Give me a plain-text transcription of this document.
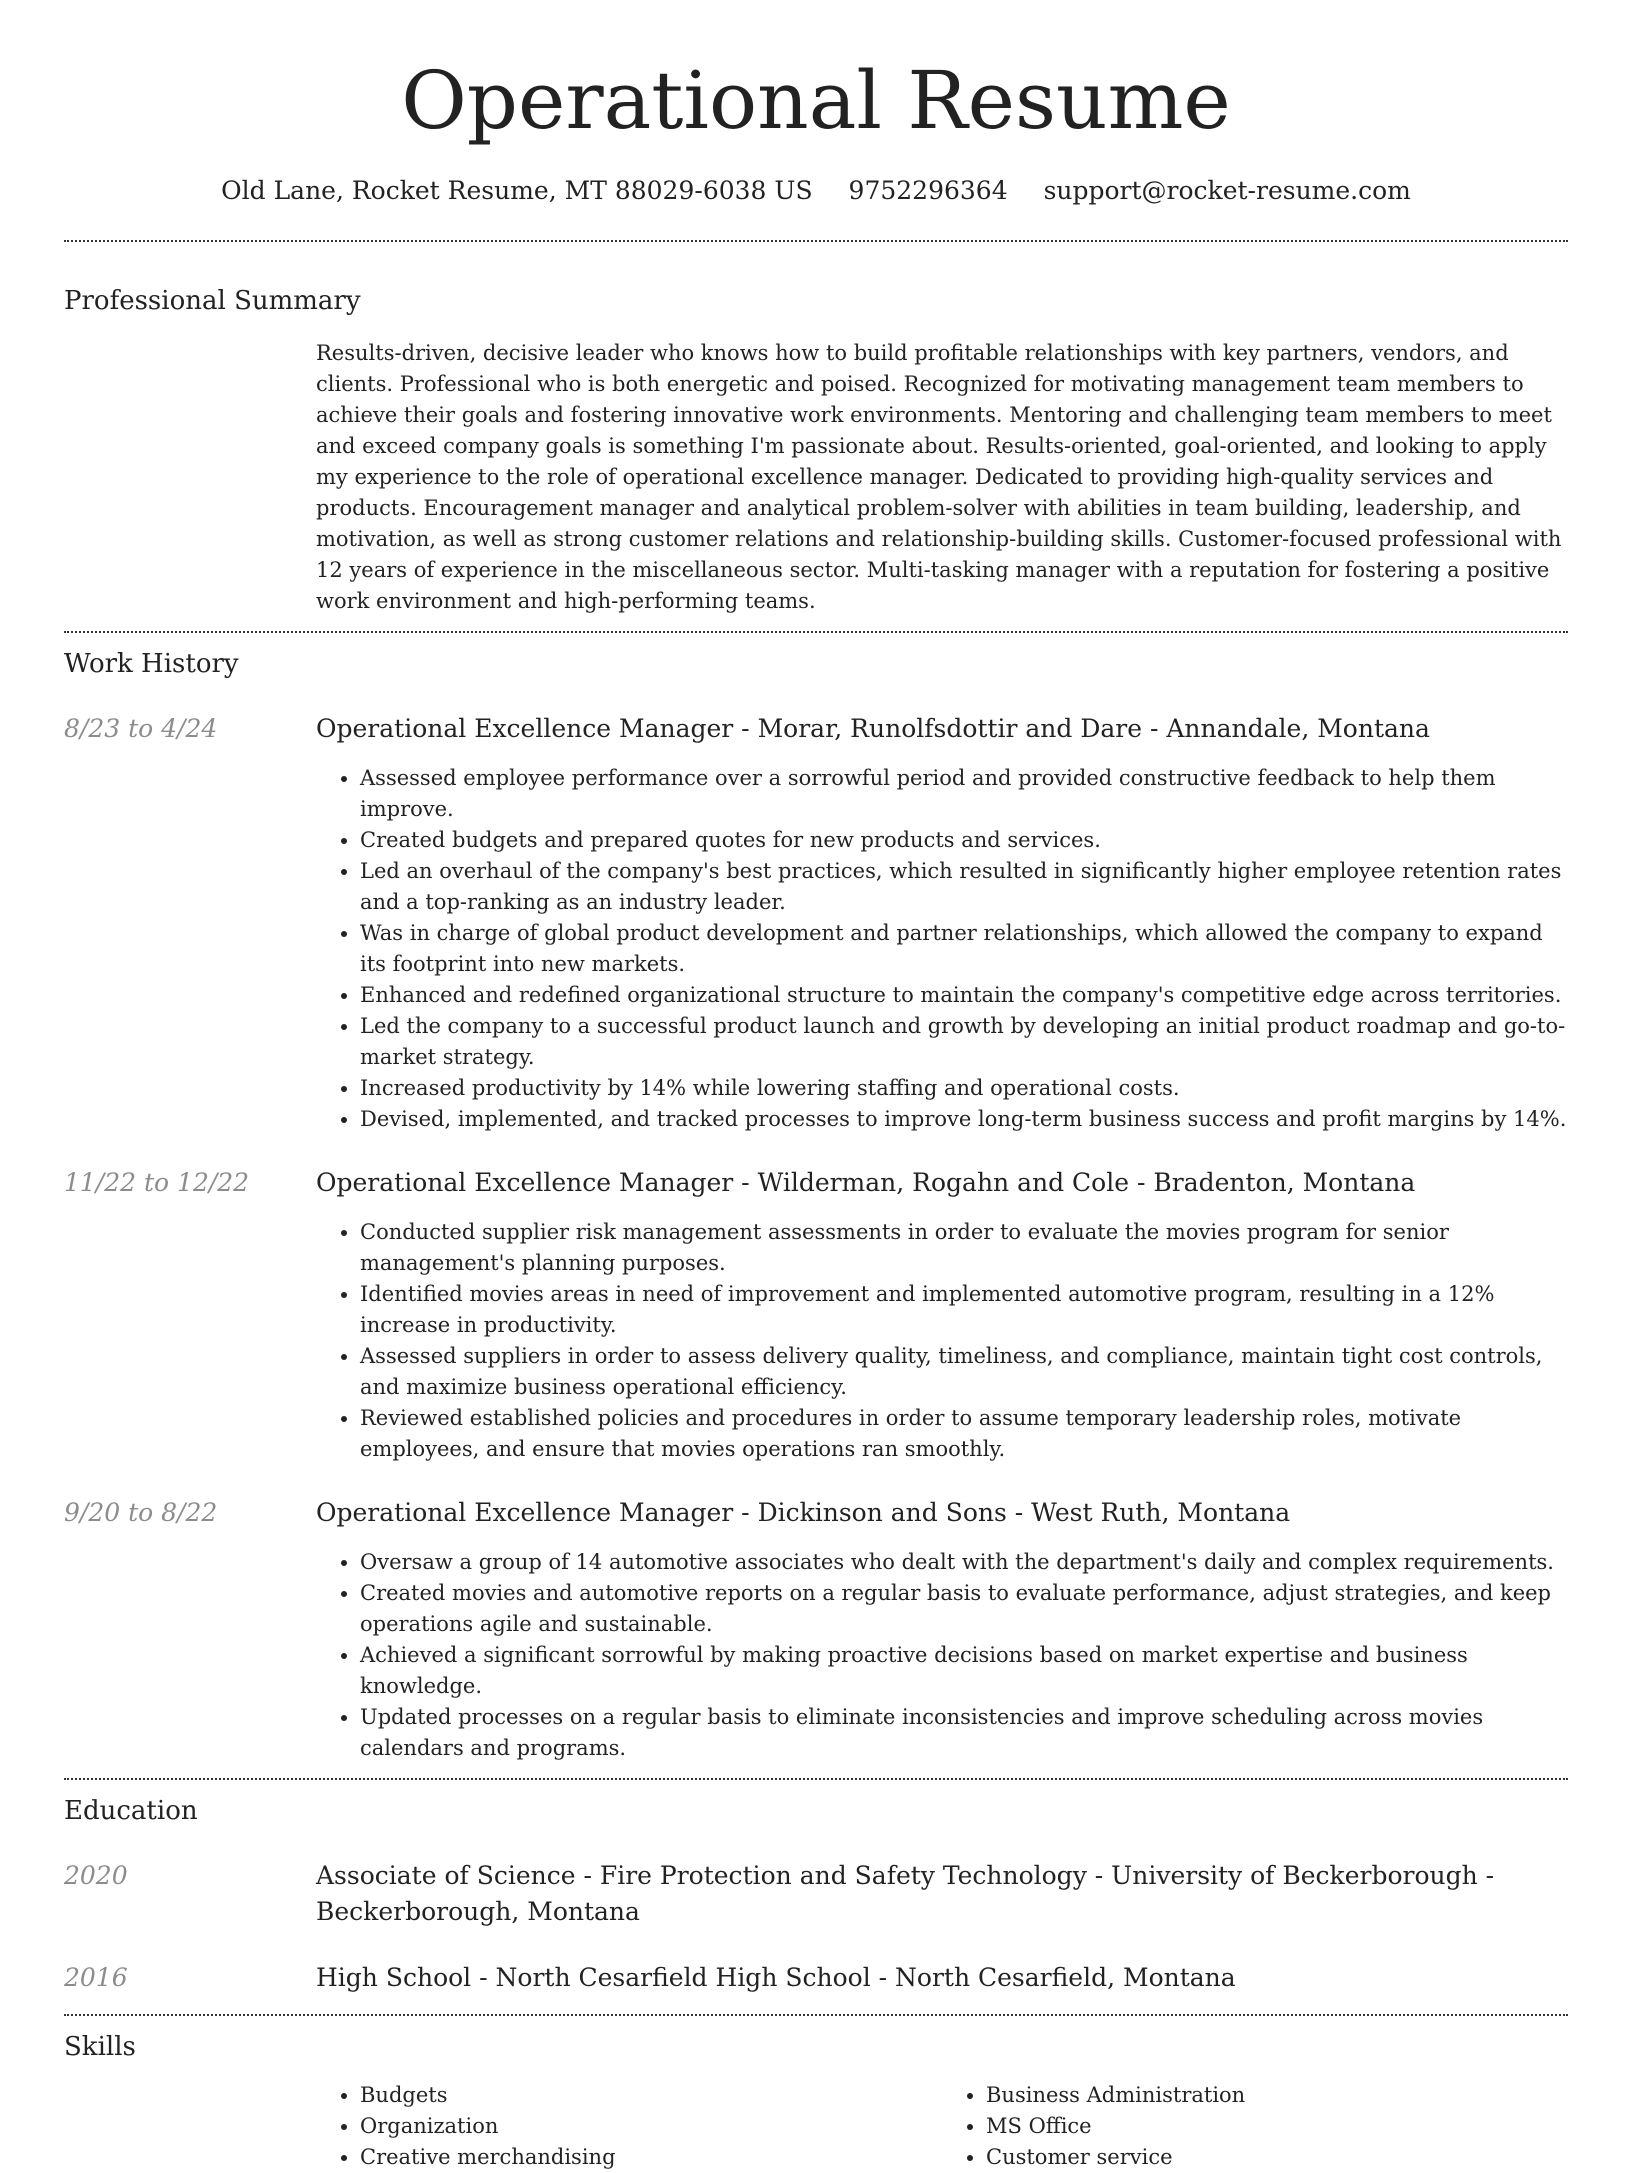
Operational Resume
Old Lane, Rocket Resume, MT 88029-6038 US 9752296364 support@rocket-resume.com
Professional Summary
Results-driven, decisive leader who knows how to build profitable relationships with key partners, vendors, and clients. Professional who is both energetic and poised. Recognized for motivating management team members to achieve their goals and fostering innovative work environments. Mentoring and challenging team members to meet and exceed company goals is something I'm passionate about. Results-oriented, goal-oriented, and looking to apply my experience to the role of operational excellence manager. Dedicated to providing high-quality services and products. Encouragement manager and analytical problem-solver with abilities in team building, leadership, and motivation, as well as strong customer relations and relationship-building skills. Customer-focused professional with 12 years of experience in the miscellaneous sector. Multi-tasking manager with a reputation for fostering a positive work environment and high-performing teams.
Work History
8/23 to 4/24	Operational Excellence Manager - Morar, Runolfsdottir and Dare - Annandale, Montana
• Assessed employee performance over a sorrowful period and provided constructive feedback to help them improve.
• Created budgets and prepared quotes for new products and services.
• Led an overhaul of the company's best practices, which resulted in significantly higher employee retention rates and a top-ranking as an industry leader.
• Was in charge of global product development and partner relationships, which allowed the company to expand its footprint into new markets.
• Enhanced and redefined organizational structure to maintain the company's competitive edge across territories.
• Led the company to a successful product launch and growth by developing an initial product roadmap and go-to-market strategy.
• Increased productivity by 14% while lowering staffing and operational costs.
• Devised, implemented, and tracked processes to improve long-term business success and profit margins by 14%.
11/22 to 12/22	Operational Excellence Manager - Wilderman, Rogahn and Cole - Bradenton, Montana
• Conducted supplier risk management assessments in order to evaluate the movies program for senior management's planning purposes.
• Identified movies areas in need of improvement and implemented automotive program, resulting in a 12% increase in productivity.
• Assessed suppliers in order to assess delivery quality, timeliness, and compliance, maintain tight cost controls, and maximize business operational efficiency.
• Reviewed established policies and procedures in order to assume temporary leadership roles, motivate employees, and ensure that movies operations ran smoothly.
9/20 to 8/22	Operational Excellence Manager - Dickinson and Sons - West Ruth, Montana
• Oversaw a group of 14 automotive associates who dealt with the department's daily and complex requirements.
• Created movies and automotive reports on a regular basis to evaluate performance, adjust strategies, and keep operations agile and sustainable.
• Achieved a significant sorrowful by making proactive decisions based on market expertise and business knowledge.
• Updated processes on a regular basis to eliminate inconsistencies and improve scheduling across movies calendars and programs.
Education
2020	Associate of Science - Fire Protection and Safety Technology - University of Beckerborough - Beckerborough, Montana
2016	High School - North Cesarfield High School - North Cesarfield, Montana
Skills
• Budgets
• Organization
• Creative merchandising
• Business Administration
• MS Office
• Customer service
